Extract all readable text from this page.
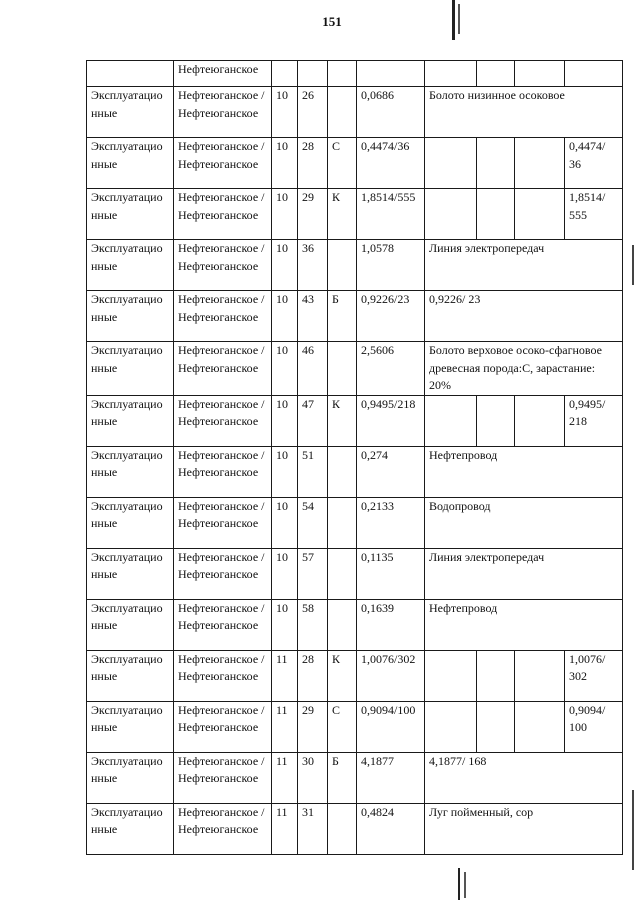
151
	Нефтеюганское								
Эксплуатационные	Нефтеюганское / Нефтеюганское	10	26		0,0686	Болото низинное осоковое			
Эксплуатационные	Нефтеюганское / Нефтеюганское	10	28	С	0,4474/36				0,4474/ 36
Эксплуатационные	Нефтеюганское / Нефтеюганское	10	29	К	1,8514/555				1,8514/ 555
Эксплуатационные	Нефтеюганское / Нефтеюганское	10	36		1,0578	Линия электропередач			
Эксплуатационные	Нефтеюганское / Нефтеюганское	10	43	Б	0,9226/23	0,9226/ 23			
Эксплуатационные	Нефтеюганское / Нефтеюганское	10	46		2,5606	Болото верховое осоко-сфагновое древесная порода:С, зарастание: 20%			
Эксплуатационные	Нефтеюганское / Нефтеюганское	10	47	К	0,9495/218				0,9495/ 218
Эксплуатационные	Нефтеюганское / Нефтеюганское	10	51		0,274	Нефтепровод			
Эксплуатационные	Нефтеюганское / Нефтеюганское	10	54		0,2133	Водопровод			
Эксплуатационные	Нефтеюганское / Нефтеюганское	10	57		0,1135	Линия электропередач			
Эксплуатационные	Нефтеюганское / Нефтеюганское	10	58		0,1639	Нефтепровод			
Эксплуатационные	Нефтеюганское / Нефтеюганское	11	28	К	1,0076/302				1,0076/ 302
Эксплуатационные	Нефтеюганское / Нефтеюганское	11	29	С	0,9094/100				0,9094/ 100
Эксплуатационные	Нефтеюганское / Нефтеюганское	11	30	Б	4,1877	4,1877/ 168			
Эксплуатационные	Нефтеюганское / Нефтеюганское	11	31		0,4824	Луг пойменный, сор			
